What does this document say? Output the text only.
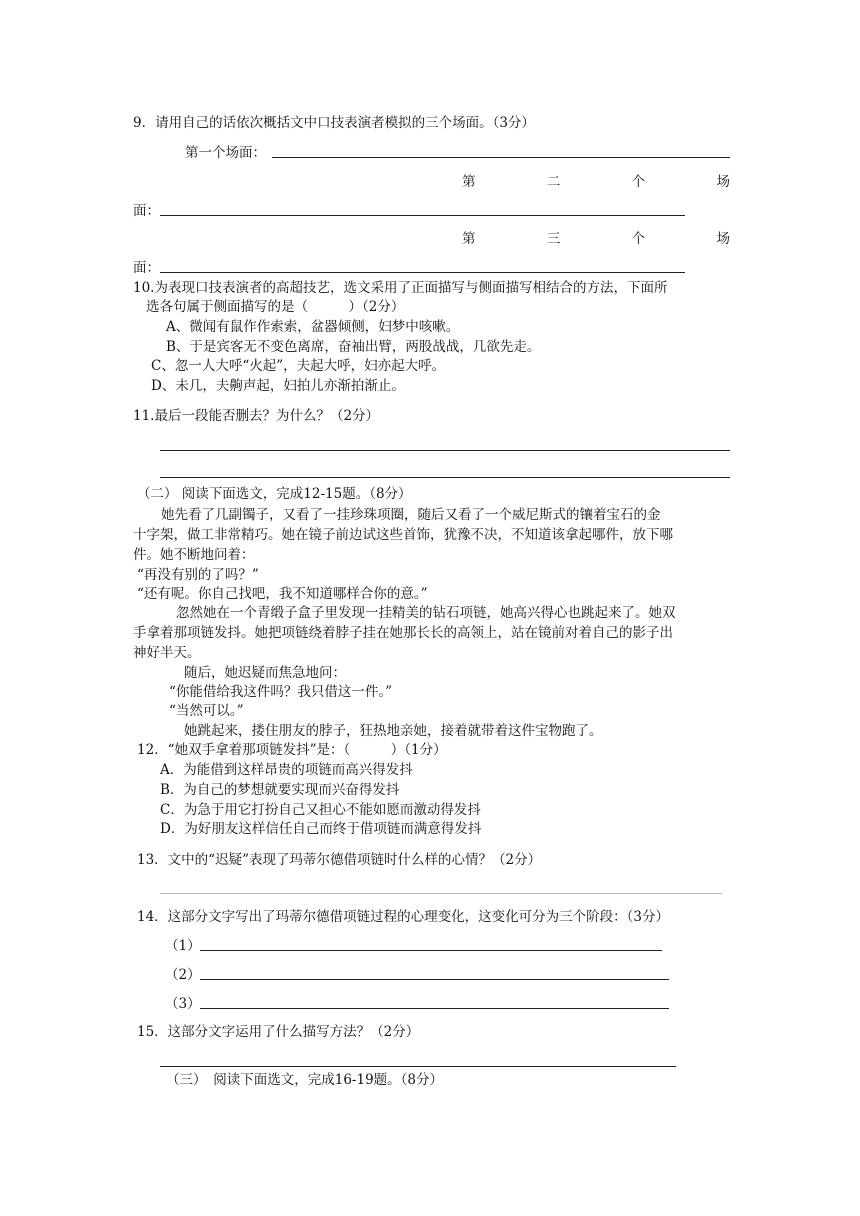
9．请用自己的话依次概括文中口技表演者模拟的三个场面。（3分）
第一个场面：
第	二	个	场
面：
第	三	个	场
面：
10.为表现口技表演者的高超技艺，选文采用了正面描写与侧面描写相结合的方法，下面所
选各句属于侧面描写的是（　　　）（2分）
A、微闻有鼠作作索索，盆器倾侧，妇梦中咳嗽。
B、于是宾客无不变色离席，奋袖出臂，两股战战，几欲先走。
C、忽一人大呼“火起”，夫起大呼，妇亦起大呼。
D、未几，夫齁声起，妇拍儿亦渐拍渐止。
11.最后一段能否删去？为什么？（2分）
（二） 阅读下面选文，完成12-15题。（8分）
她先看了几副镯子，又看了一挂珍珠项圈，随后又看了一个威尼斯式的镶着宝石的金
十字架，做工非常精巧。她在镜子前边试这些首饰，犹豫不决，不知道该拿起哪件，放下哪
件。她不断地问着：
“再没有别的了吗？”
“还有呢。你自己找吧，我不知道哪样合你的意。”
忽然她在一个青缎子盒子里发现一挂精美的钻石项链，她高兴得心也跳起来了。她双
手拿着那项链发抖。她把项链绕着脖子挂在她那长长的高领上，站在镜前对着自己的影子出
神好半天。
随后，她迟疑而焦急地问：
“你能借给我这件吗？我只借这一件。”
“当然可以。”
她跳起来，搂住朋友的脖子，狂热地亲她，接着就带着这件宝物跑了。
12．“她双手拿着那项链发抖”是：（　　　）（1分）
A．为能借到这样昂贵的项链而高兴得发抖
B．为自己的梦想就要实现而兴奋得发抖
C．为急于用它打扮自己又担心不能如愿而激动得发抖
D．为好朋友这样信任自己而终于借项链而满意得发抖
13．文中的“迟疑”表现了玛蒂尔德借项链时什么样的心情？（2分）
14．这部分文字写出了玛蒂尔德借项链过程的心理变化，这变化可分为三个阶段：（3分）
（1）
（2）
（3）
15．这部分文字运用了什么描写方法？（2分）
（三）　阅读下面选文，完成16-19题。（8分）
